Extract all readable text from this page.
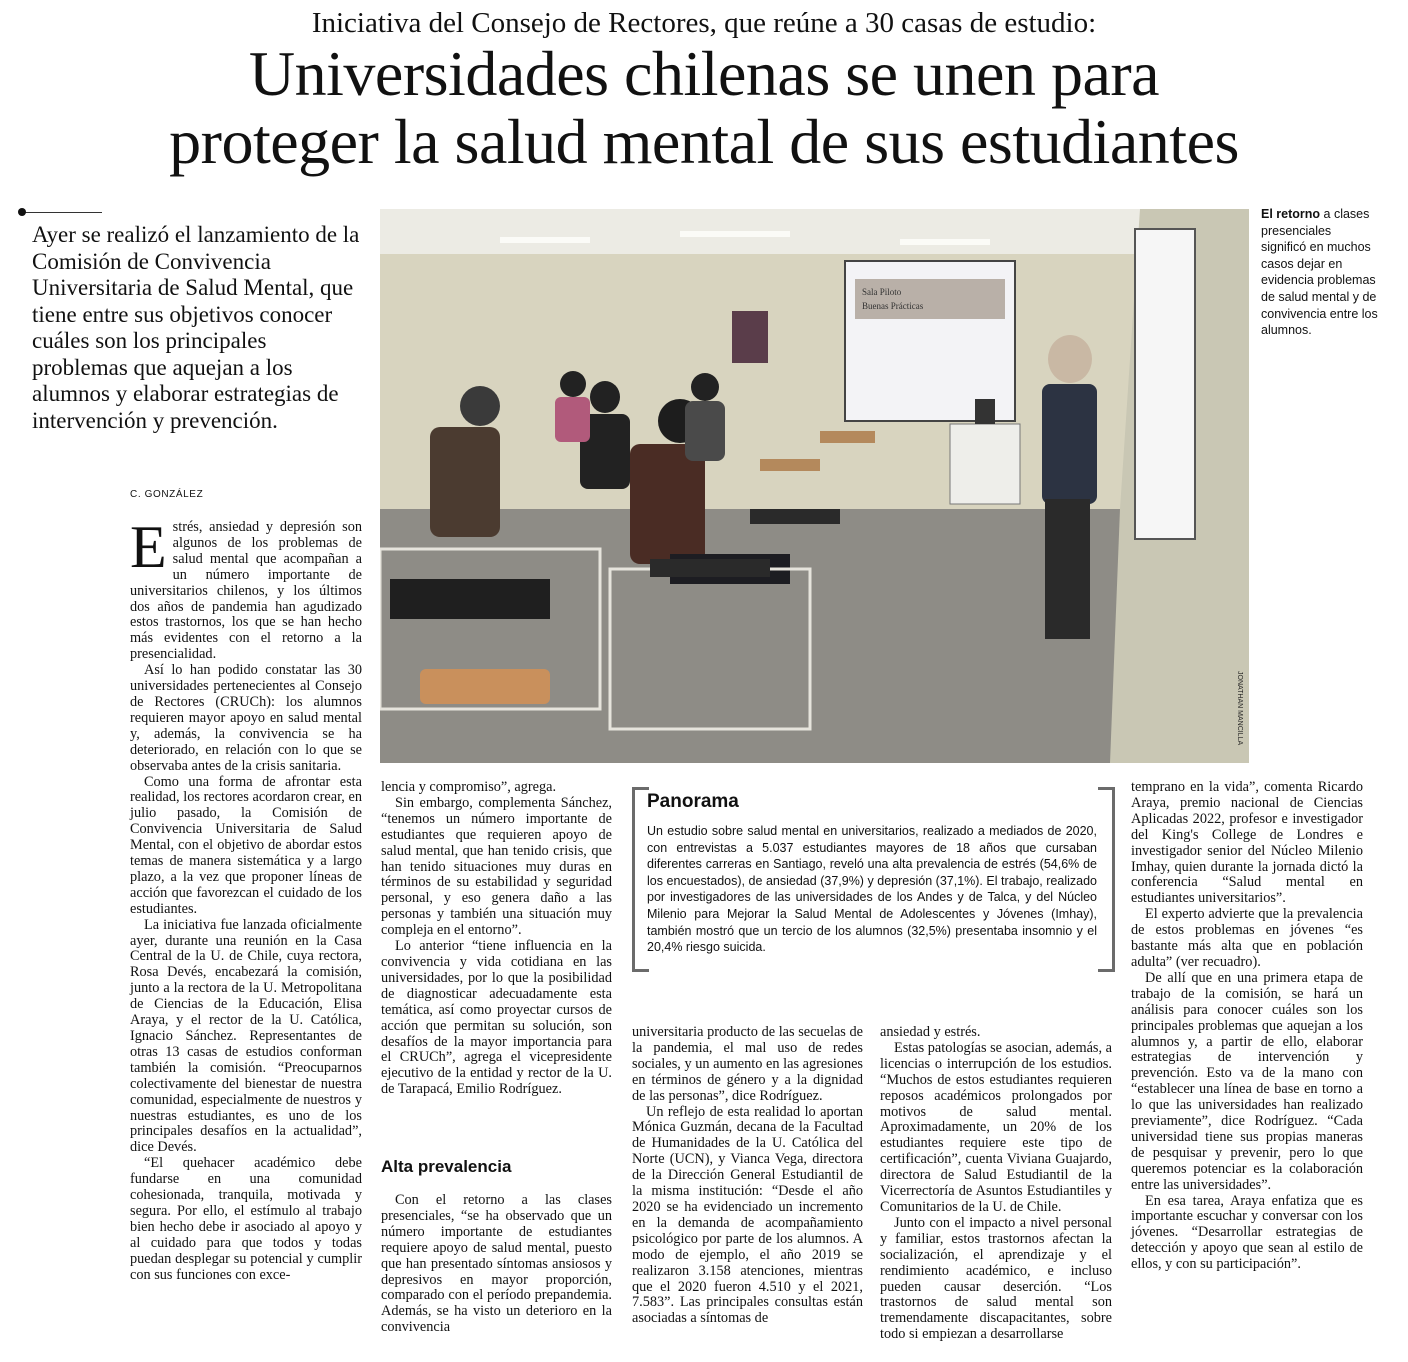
Iniciativa del Consejo de Rectores, que reúne a 30 casas de estudio:
Universidades chilenas se unen para
proteger la salud mental de sus estudiantes
Ayer se realizó el lanzamiento de la Comisión de Convivencia Universitaria de Salud Mental, que tiene entre sus objetivos conocer cuáles son los principales problemas que aquejan a los alumnos y elaborar estrategias de intervención y prevención.
C. GONZÁLEZ
Sala Piloto
Buenas Prácticas
JONATHAN MANCILLA
El retorno a clases presenciales significó en muchos casos dejar en evidencia problemas de salud mental y de convivencia entre los alumnos.

Estrés, ansiedad y depresión son algunos de los problemas de salud mental que acompañan a un número importante de universitarios chilenos, y los últimos dos años de pandemia han agudizado estos trastornos, los que se han hecho más evidentes con el retorno a la presencialidad.

Así lo han podido constatar las 30 universidades pertenecientes al Consejo de Rectores (CRUCh): los alumnos requieren mayor apoyo en salud mental y, además, la convivencia se ha deteriorado, en relación con lo que se observaba antes de la crisis sanitaria.

Como una forma de afrontar esta realidad, los rectores acordaron crear, en julio pasado, la Comisión de Convivencia Universitaria de Salud Mental, con el objetivo de abordar estos temas de manera sistemática y a largo plazo, a la vez que proponer líneas de acción que favorezcan el cuidado de los estudiantes.

La iniciativa fue lanzada oficialmente ayer, durante una reunión en la Casa Central de la U. de Chile, cuya rectora, Rosa Devés, encabezará la comisión, junto a la rectora de la U. Metropolitana de Ciencias de la Educación, Elisa Araya, y el rector de la U. Católica, Ignacio Sánchez. Representantes de otras 13 casas de estudios conforman también la comisión. “Preocuparnos colectivamente del bienestar de nuestra comunidad, especialmente de nuestros y nuestras estudiantes, es uno de los principales desafíos en la actualidad”, dice Devés.

“El quehacer académico debe fundarse en una comunidad cohesionada, tranquila, motivada y segura. Por ello, el estímulo al trabajo bien hecho debe ir asociado al apoyo y al cuidado para que todos y todas puedan desplegar su potencial y cumplir con sus funciones con exce-

lencia y compromiso”, agrega.

Sin embargo, complementa Sánchez, “tenemos un número importante de estudiantes que requieren apoyo de salud mental, que han tenido crisis, que han tenido situaciones muy duras en términos de su estabilidad y seguridad personal, y eso genera daño a las personas y también una situación muy compleja en el entorno”.

Lo anterior “tiene influencia en la convivencia y vida cotidiana en las universidades, por lo que la posibilidad de diagnosticar adecuadamente esta temática, así como proyectar cursos de acción que permitan su solución, son desafíos de la mayor importancia para el CRUCh”, agrega el vicepresidente ejecutivo de la entidad y rector de la U. de Tarapacá, Emilio Rodríguez.

Alta prevalencia

Con el retorno a las clases presenciales, “se ha observado que un número importante de estudiantes requiere apoyo de salud mental, puesto que han presentado síntomas ansiosos y depresivos en mayor proporción, comparado con el período prepandemia. Además, se ha visto un deterioro en la convivencia

Panorama
Un estudio sobre salud mental en universitarios, realizado a mediados de 2020, con entrevistas a 5.037 estudiantes mayores de 18 años que cursaban diferentes carreras en Santiago, reveló una alta prevalencia de estrés (54,6% de los encuestados), de ansiedad (37,9%) y depresión (37,1%). El trabajo, realizado por investigadores de las universidades de los Andes y de Talca, y del Núcleo Milenio para Mejorar la Salud Mental de Adolescentes y Jóvenes (Imhay), también mostró que un tercio de los alumnos (32,5%) presentaba insomnio y el 20,4% riesgo suicida.

universitaria producto de las secuelas de la pandemia, el mal uso de redes sociales, y un aumento en las agresiones en términos de género y a la dignidad de las personas”, dice Rodríguez.

Un reflejo de esta realidad lo aportan Mónica Guzmán, decana de la Facultad de Humanidades de la U. Católica del Norte (UCN), y Vianca Vega, directora de la Dirección General Estudiantil de la misma institución: “Desde el año 2020 se ha evidenciado un incremento en la demanda de acompañamiento psicológico por parte de los alumnos. A modo de ejemplo, el año 2019 se realizaron 3.158 atenciones, mientras que el 2020 fueron 4.510 y el 2021, 7.583”. Las principales consultas están asociadas a síntomas de

ansiedad y estrés.

Estas patologías se asocian, además, a licencias o interrupción de los estudios. “Muchos de estos estudiantes requieren reposos académicos prolongados por motivos de salud mental. Aproximadamente, un 20% de los estudiantes requiere este tipo de certificación”, cuenta Viviana Guajardo, directora de Salud Estudiantil de la Vicerrectoría de Asuntos Estudiantiles y Comunitarios de la U. de Chile.

Junto con el impacto a nivel personal y familiar, estos trastornos afectan la socialización, el aprendizaje y el rendimiento académico, e incluso pueden causar deserción. “Los trastornos de salud mental son tremendamente discapacitantes, sobre todo si empiezan a desarrollarse

temprano en la vida”, comenta Ricardo Araya, premio nacional de Ciencias Aplicadas 2022, profesor e investigador del King's College de Londres e investigador senior del Núcleo Milenio Imhay, quien durante la jornada dictó la conferencia “Salud mental en estudiantes universitarios”.

El experto advierte que la prevalencia de estos problemas en jóvenes “es bastante más alta que en población adulta” (ver recuadro).

De allí que en una primera etapa de trabajo de la comisión, se hará un análisis para conocer cuáles son los principales problemas que aquejan a los alumnos y, a partir de ello, elaborar estrategias de intervención y prevención. Esto va de la mano con “establecer una línea de base en torno a lo que las universidades han realizado previamente”, dice Rodríguez. “Cada universidad tiene sus propias maneras de pesquisar y prevenir, pero lo que queremos potenciar es la colaboración entre las universidades”.

En esa tarea, Araya enfatiza que es importante escuchar y conversar con los jóvenes. “Desarrollar estrategias de detección y apoyo que sean al estilo de ellos, y con su participación”.
